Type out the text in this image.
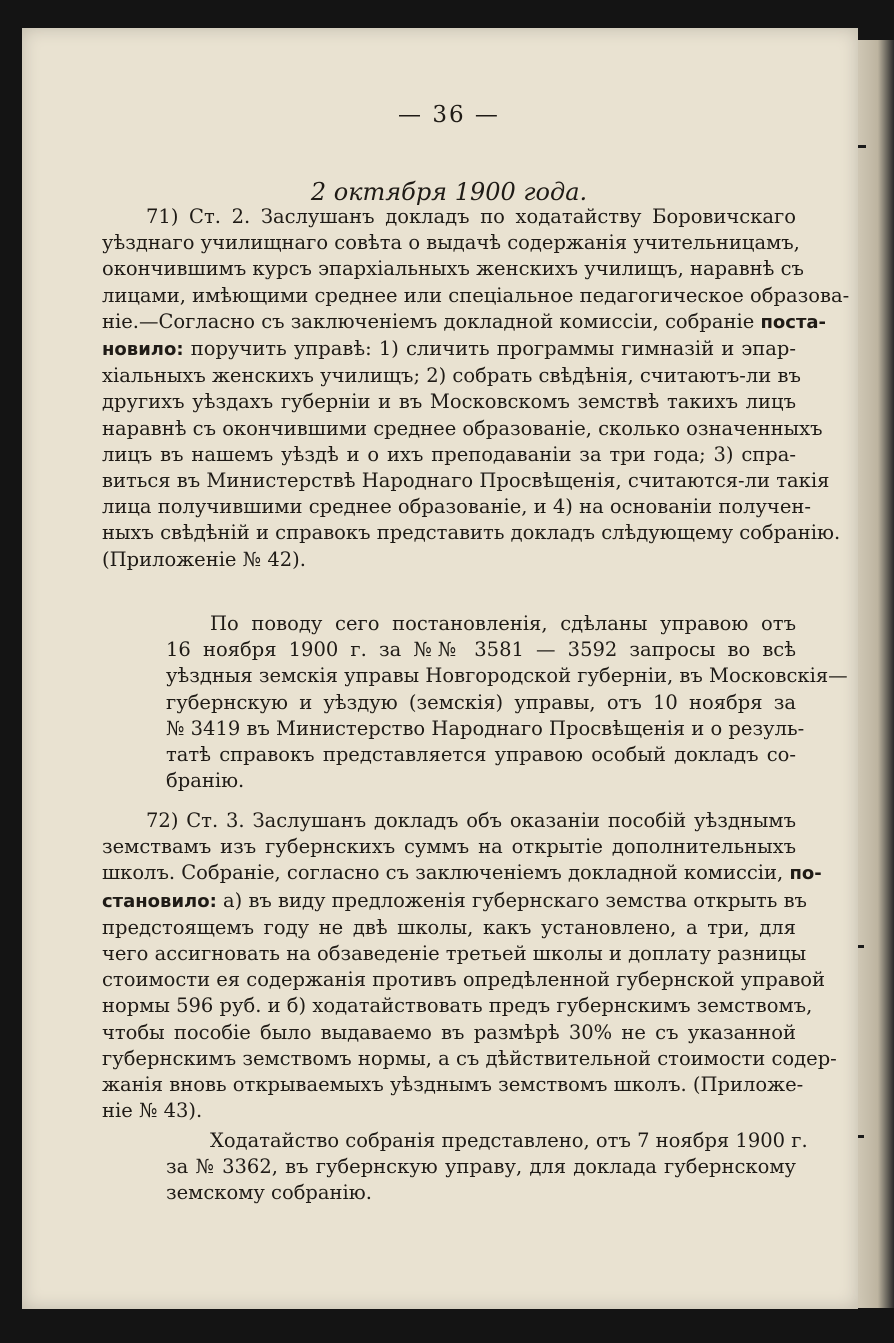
— 36 —
2 октября 1900 года.
71) Ст. 2. Заслушанъ докладъ по ходатайству Боровичскаго
уѣзднаго училищнаго совѣта о выдачѣ содержанія учительницамъ,
окончившимъ курсъ эпархіальныхъ женскихъ училищъ, наравнѣ съ
лицами, имѣющими среднее или спеціальное педагогическое образова-
ніе.—Согласно съ заключеніемъ докладной комиссіи, собраніе поста-
новило: поручить управѣ: 1) сличить программы гимназій и эпар-
хіальныхъ женскихъ училищъ; 2) собрать свѣдѣнія, считаютъ-ли въ
другихъ уѣздахъ губерніи и въ Московскомъ земствѣ такихъ лицъ
наравнѣ съ окончившими среднее образованіе, сколько означенныхъ
лицъ въ нашемъ уѣздѣ и о ихъ преподаваніи за три года; 3) спра-
виться въ Министерствѣ Народнаго Просвѣщенія, считаются-ли такія
лица получившими среднее образованіе, и 4) на основаніи получен-
ныхъ свѣдѣній и справокъ представить докладъ слѣдующему собранію.
(Приложеніе № 42).
По поводу сего постановленія, сдѣланы управою отъ
16 ноября 1900 г. за №№ 3581 — 3592 запросы во всѣ
уѣздныя земскія управы Новгородской губерніи, въ Московскія—
губернскую и уѣздую (земскія) управы, отъ 10 ноября за
№ 3419 въ Министерство Народнаго Просвѣщенія и о резуль-
татѣ справокъ представляется управою особый докладъ со-
бранію.
72) Ст. 3. Заслушанъ докладъ объ оказаніи пособій уѣзднымъ
земствамъ изъ губернскихъ суммъ на открытіе дополнительныхъ
школъ. Собраніе, согласно съ заключеніемъ докладной комиссіи, по-
становило: а) въ виду предложенія губернскаго земства открыть въ
предстоящемъ году не двѣ школы, какъ установлено, а три, для
чего ассигновать на обзаведеніе третьей школы и доплату разницы
стоимости ея содержанія противъ опредѣленной губернской управой
нормы 596 руб. и б) ходатайствовать предъ губернскимъ земствомъ,
чтобы пособіе было выдаваемо въ размѣрѣ 30% не съ указанной
губернскимъ земствомъ нормы, а съ дѣйствительной стоимости содер-
жанія вновь открываемыхъ уѣзднымъ земствомъ школъ. (Приложе-
ніе № 43).
Ходатайство собранія представлено, отъ 7 ноября 1900 г.
за № 3362, въ губернскую управу, для доклада губернскому
земскому собранію.
